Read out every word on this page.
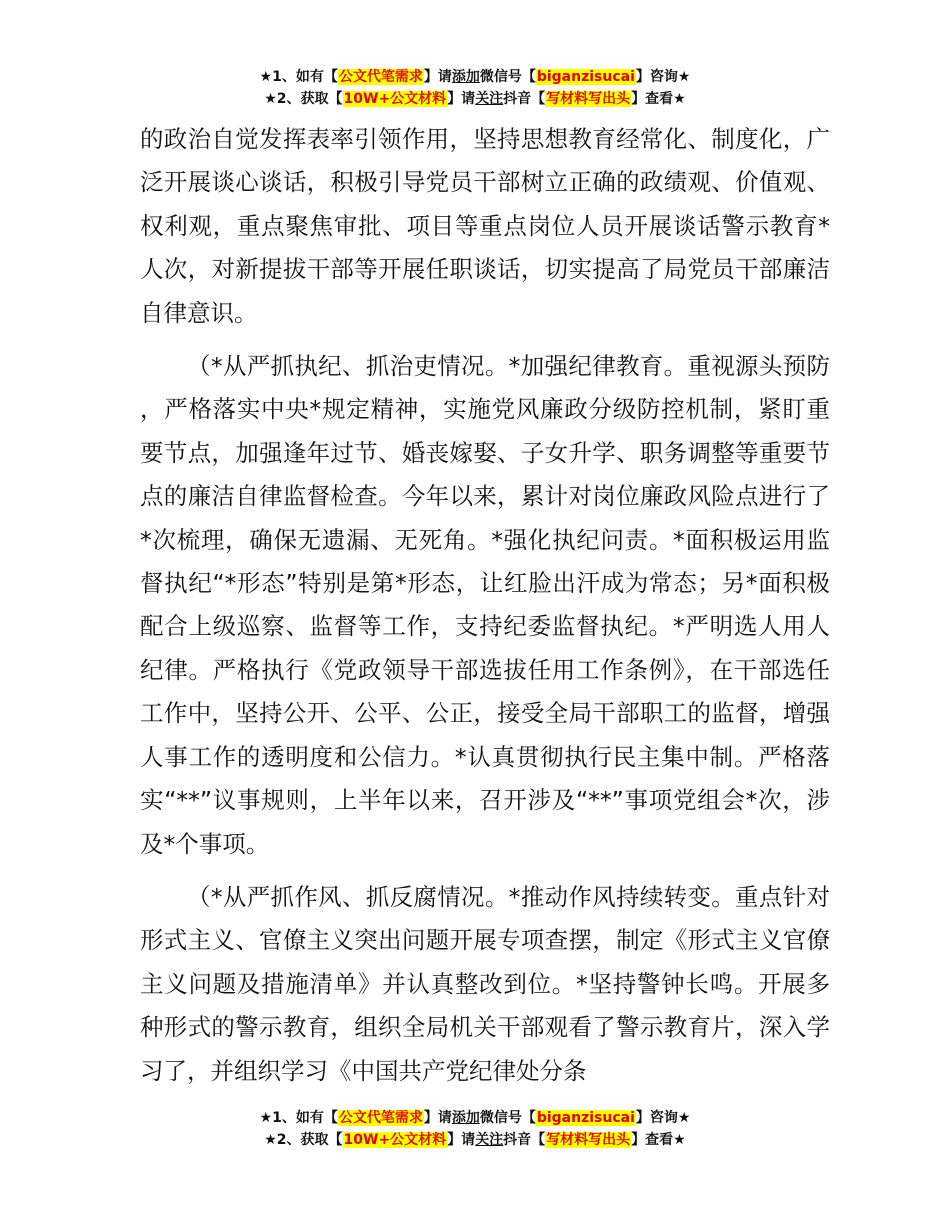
★1、如有【公文代笔需求】请添加微信号【biganzisucai】咨询★
★2、获取【10W+公文材料】请关注抖音【写材料写出头】查看★

的政治自觉发挥表率引领作用，坚持思想教育经常化、制度化，广泛开展谈心谈话，积极引导党员干部树立正确的政绩观、价值观、权利观，重点聚焦审批、项目等重点岗位人员开展谈话警示教育*人次，对新提拔干部等开展任职谈话，切实提高了局党员干部廉洁自律意识。

（*从严抓执纪、抓治吏情况。*加强纪律教育。重视源头预防，严格落实中央*规定精神，实施党风廉政分级防控机制，紧盯重要节点，加强逢年过节、婚丧嫁娶、子女升学、职务调整等重要节点的廉洁自律监督检查。今年以来，累计对岗位廉政风险点进行了*次梳理，确保无遗漏、无死角。*强化执纪问责。*面积极运用监督执纪“*形态”特别是第*形态，让红脸出汗成为常态；另*面积极配合上级巡察、监督等工作，支持纪委监督执纪。*严明选人用人纪律。严格执行《党政领导干部选拔任用工作条例》，在干部选任工作中，坚持公开、公平、公正，接受全局干部职工的监督，增强人事工作的透明度和公信力。*认真贯彻执行民主集中制。严格落实“**”议事规则，上半年以来，召开涉及“**”事项党组会*次，涉及*个事项。

（*从严抓作风、抓反腐情况。*推动作风持续转变。重点针对形式主义、官僚主义突出问题开展专项查摆，制定《形式主义官僚主义问题及措施清单》并认真整改到位。*坚持警钟长鸣。开展多种形式的警示教育，组织全局机关干部观看了警示教育片，深入学习了，并组织学习《中国共产党纪律处分条

★1、如有【公文代笔需求】请添加微信号【biganzisucai】咨询★
★2、获取【10W+公文材料】请关注抖音【写材料写出头】查看★
